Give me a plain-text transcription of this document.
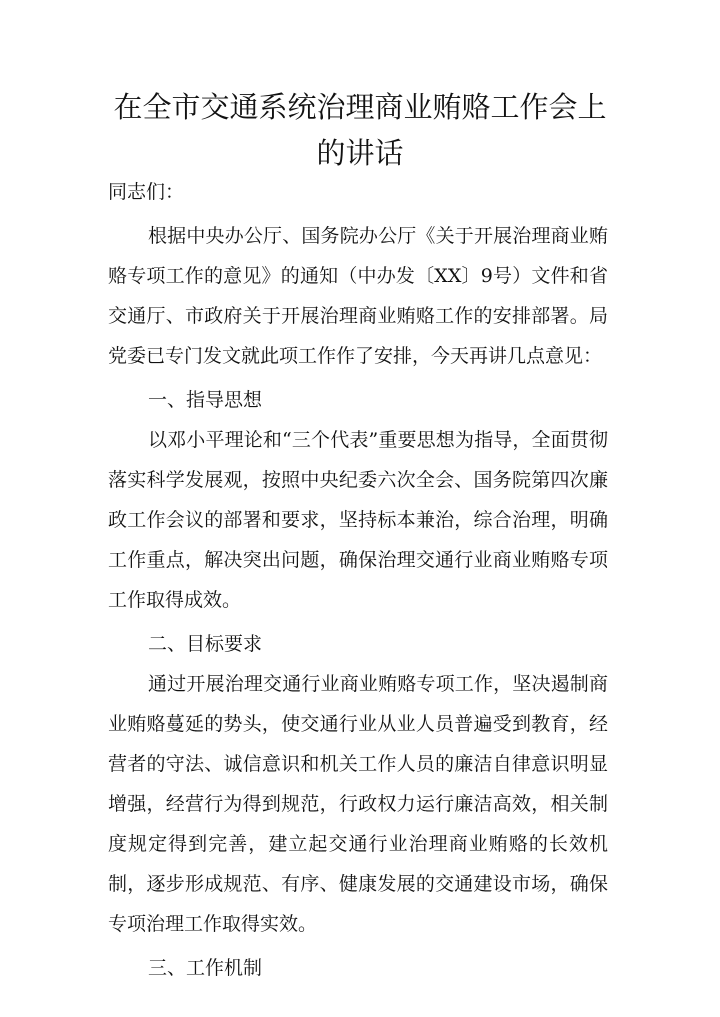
在全市交通系统治理商业贿赂工作会上的讲话

同志们：

根据中央办公厅、国务院办公厅《关于开展治理商业贿赂专项工作的意见》的通知（中办发〔XX〕9号）文件和省交通厅、市政府关于开展治理商业贿赂工作的安排部署。局党委已专门发文就此项工作作了安排，今天再讲几点意见：

一、指导思想

以邓小平理论和“三个代表”重要思想为指导，全面贯彻落实科学发展观，按照中央纪委六次全会、国务院第四次廉政工作会议的部署和要求，坚持标本兼治，综合治理，明确工作重点，解决突出问题，确保治理交通行业商业贿赂专项工作取得成效。

二、目标要求

通过开展治理交通行业商业贿赂专项工作，坚决遏制商业贿赂蔓延的势头，使交通行业从业人员普遍受到教育，经营者的守法、诚信意识和机关工作人员的廉洁自律意识明显增强，经营行为得到规范，行政权力运行廉洁高效，相关制度规定得到完善，建立起交通行业治理商业贿赂的长效机制，逐步形成规范、有序、健康发展的交通建设市场，确保专项治理工作取得实效。

三、工作机制
